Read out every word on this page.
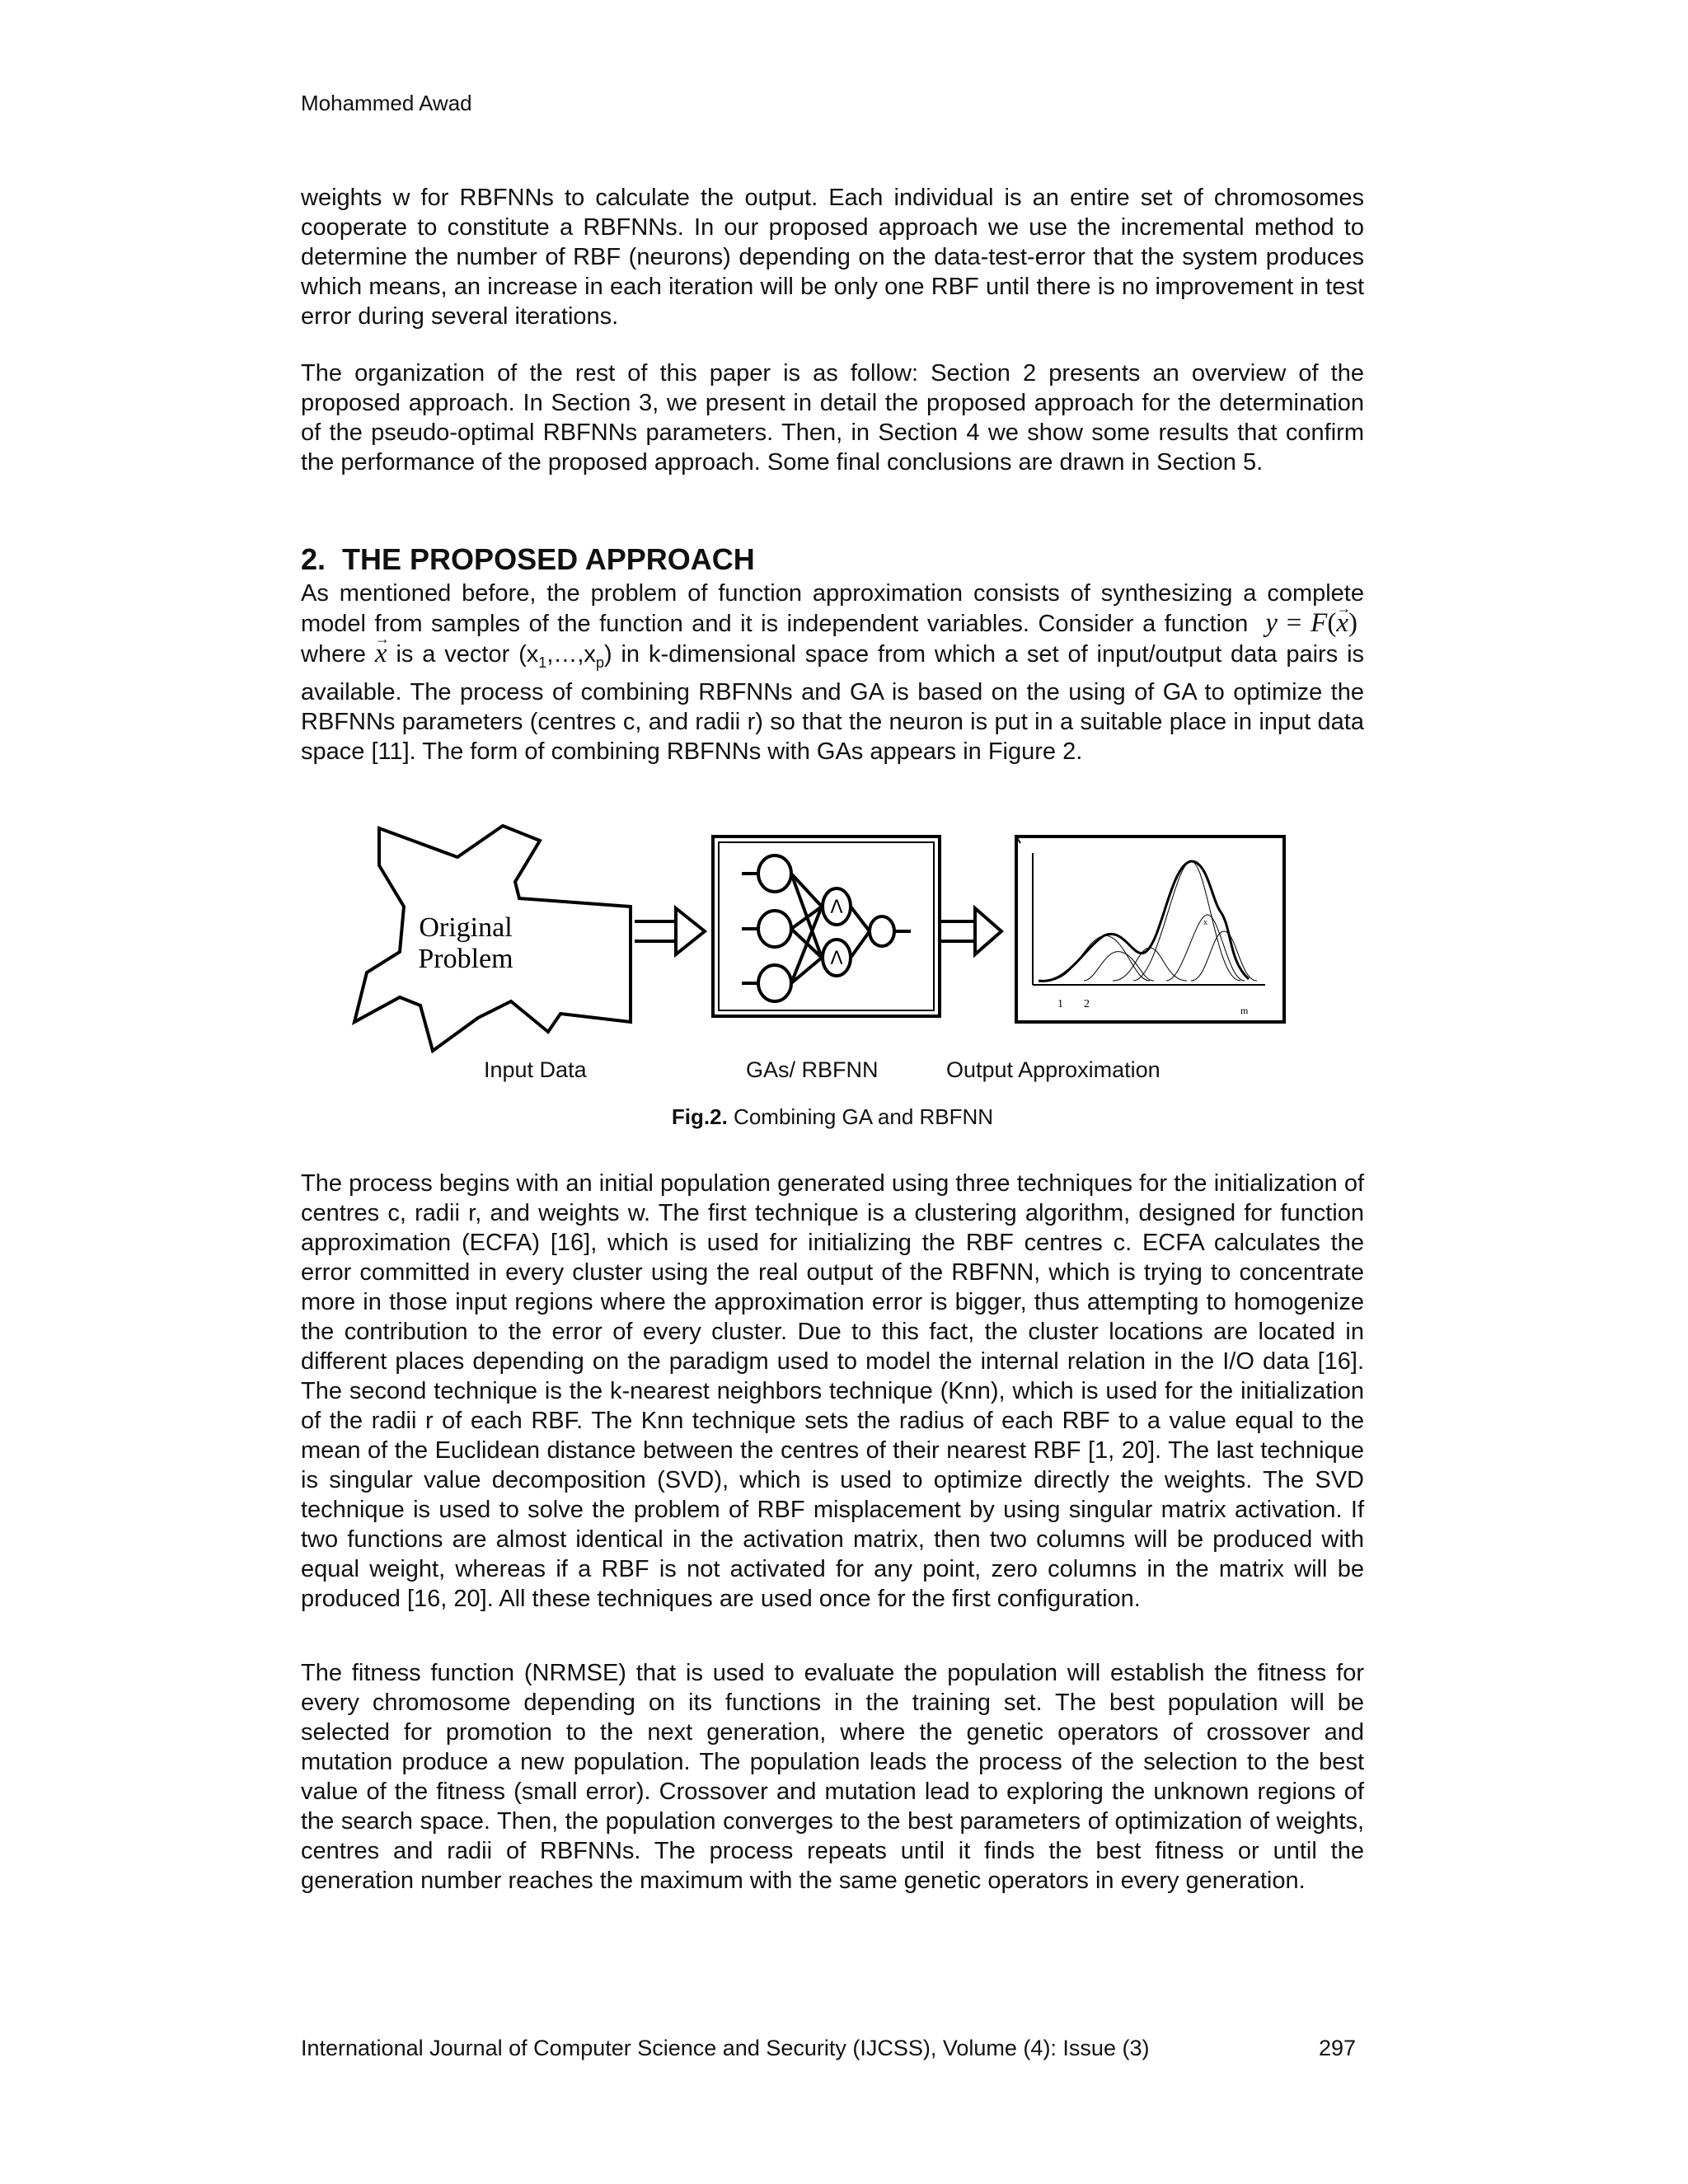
Mohammed Awad

weights w for RBFNNs to calculate the output. Each individual is an entire set of chromosomes cooperate to constitute a RBFNNs. In our proposed approach we use the incremental method to determine the number of RBF (neurons) depending on the data-test-error that the system produces which means, an increase in each iteration will be only one RBF until there is no improvement in test error during several iterations.

The organization of the rest of this paper is as follow: Section 2 presents an overview of the proposed approach. In Section 3, we present in detail the proposed approach for the determination of the pseudo-optimal RBFNNs parameters. Then, in Section 4 we show some results that confirm the performance of the proposed approach. Some final conclusions are drawn in Section 5.

2. THE PROPOSED APPROACH

As mentioned before, the problem of function approximation consists of synthesizing a complete model from samples of the function and it is independent variables. Consider a function y = F(→ x)  where → x is a vector $(x_1,\dots,x_p)$ in k-dimensional space from which a set of input/output data pairs is available. The process of combining RBFNNs and GA is based on the using of GA to optimize the RBFNNs parameters (centres c, and radii r) so that the neuron is put in a suitable place in input data space [11]. The form of combining RBFNNs with GAs appears in Figure 2.

Original
Problem
Λ
Λ
1 2
x
m
Input Data	GAs/ RBFNN	Output Approximation
Fig.2. Combining GA and RBFNN

The process begins with an initial population generated using three techniques for the initialization of centres c, radii r, and weights w. The first technique is a clustering algorithm, designed for function approximation (ECFA) [16], which is used for initializing the RBF centres c. ECFA calculates the error committed in every cluster using the real output of the RBFNN, which is trying to concentrate more in those input regions where the approximation error is bigger, thus attempting to homogenize the contribution to the error of every cluster. Due to this fact, the cluster locations are located in different places depending on the paradigm used to model the internal relation in the I/O data [16]. The second technique is the k-nearest neighbors technique (Knn), which is used for the initialization of the radii r of each RBF. The Knn technique sets the radius of each RBF to a value equal to the mean of the Euclidean distance between the centres of their nearest RBF [1, 20]. The last technique is singular value decomposition (SVD), which is used to optimize directly the weights. The SVD technique is used to solve the problem of RBF misplacement by using singular matrix activation. If two functions are almost identical in the activation matrix, then two columns will be produced with equal weight, whereas if a RBF is not activated for any point, zero columns in the matrix will be produced [16, 20]. All these techniques are used once for the first configuration.

The fitness function (NRMSE) that is used to evaluate the population will establish the fitness for every chromosome depending on its functions in the training set. The best population will be selected for promotion to the next generation, where the genetic operators of crossover and mutation produce a new population. The population leads the process of the selection to the best value of the fitness (small error). Crossover and mutation lead to exploring the unknown regions of the search space. Then, the population converges to the best parameters of optimization of weights, centres and radii of RBFNNs. The process repeats until it finds the best fitness or until the generation number reaches the maximum with the same genetic operators in every generation.

International Journal of Computer Science and Security (IJCSS), Volume (4): Issue (3)	297
